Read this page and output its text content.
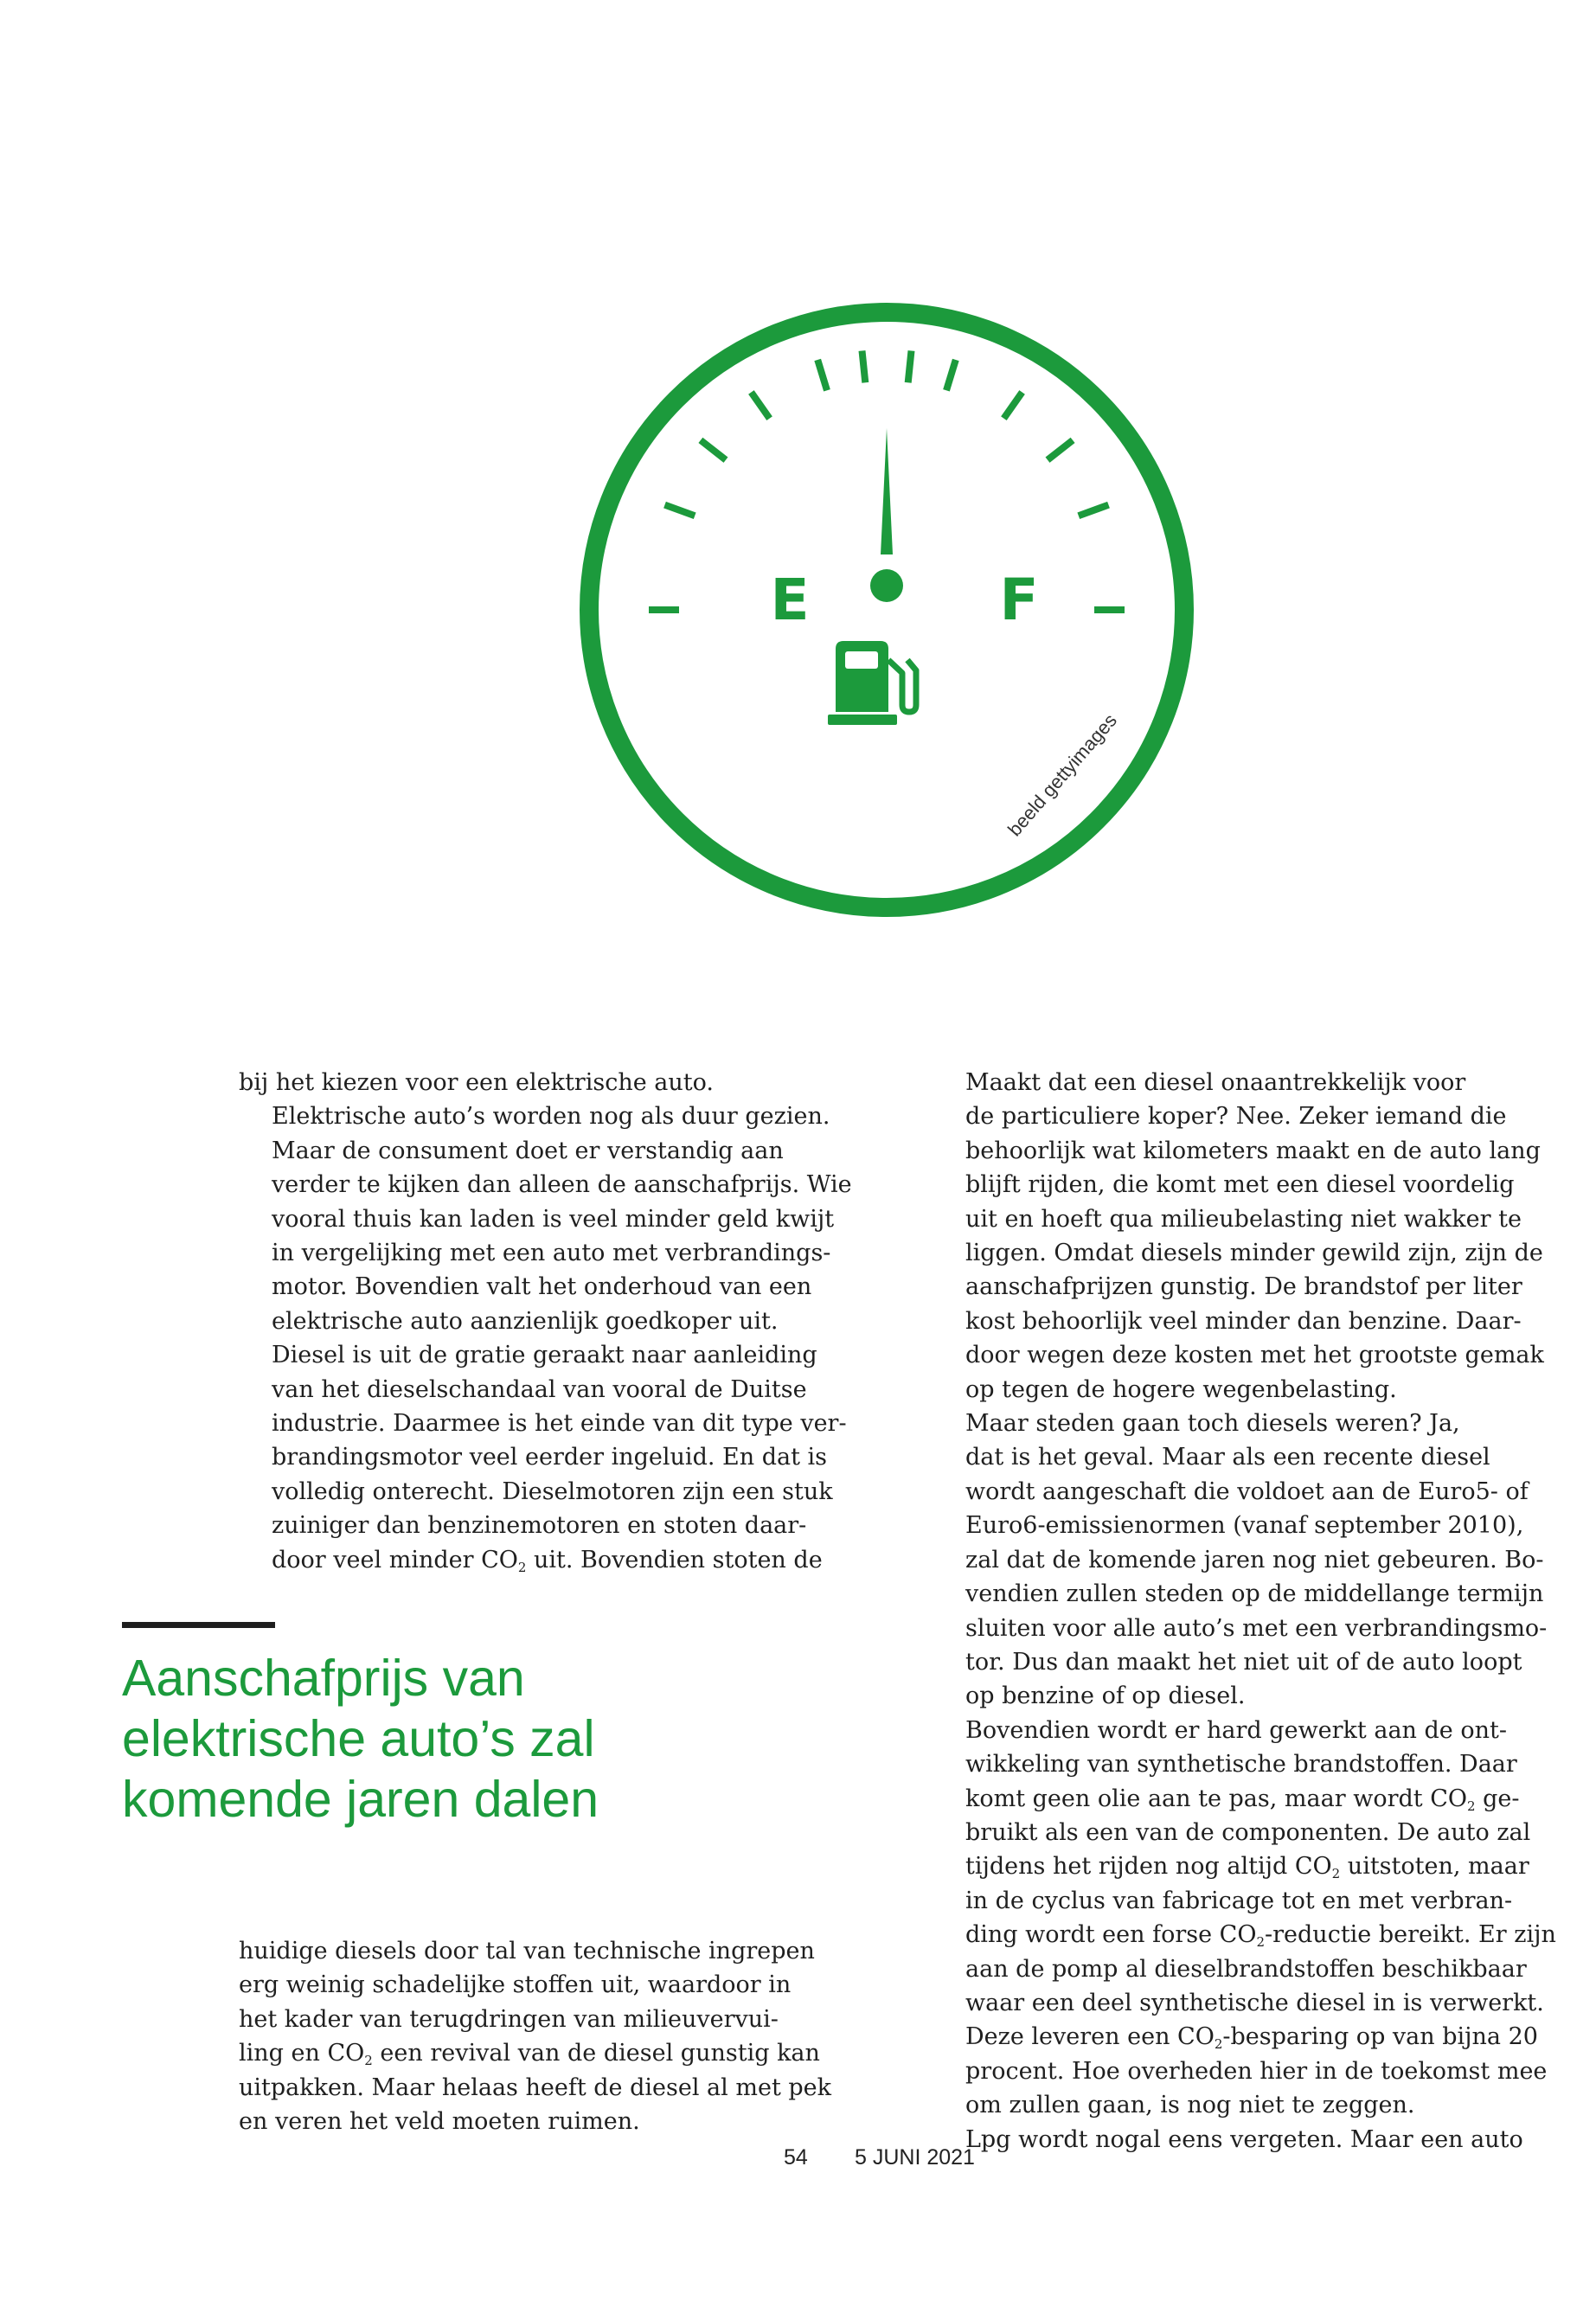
E	F
beeld gettyimages

bij het kiezen voor een elektrische auto.

Elektrische auto’s worden nog als duur gezien.
Maar de consument doet er verstandig aan
verder te kijken dan alleen de aanschafprijs. Wie
vooral thuis kan laden is veel minder geld kwijt
in vergelijking met een auto met verbrandings-
motor. Bovendien valt het onderhoud van een
elektrische auto aanzienlijk goedkoper uit.

Diesel is uit de gratie geraakt naar aanleiding
van het dieselschandaal van vooral de Duitse
industrie. Daarmee is het einde van dit type ver-
brandingsmotor veel eerder ingeluid. En dat is
volledig onterecht. Dieselmotoren zijn een stuk
zuiniger dan benzinemotoren en stoten daar-
door veel minder $CO_2$ uit. Bovendien stoten de

Aanschafprijs van
elektrische auto’s zal
komende jaren dalen

huidige diesels door tal van technische ingrepen
erg weinig schadelijke stoffen uit, waardoor in
het kader van terugdringen van milieuvervui-
ling en $CO_2$ een revival van de diesel gunstig kan
uitpakken. Maar helaas heeft de diesel al met pek
en veren het veld moeten ruimen.

Maakt dat een diesel onaantrekkelijk voor
de particuliere koper? Nee. Zeker iemand die
behoorlijk wat kilometers maakt en de auto lang
blijft rijden, die komt met een diesel voordelig
uit en hoeft qua milieubelasting niet wakker te
liggen. Omdat diesels minder gewild zijn, zijn de
aanschafprijzen gunstig. De brandstof per liter
kost behoorlijk veel minder dan benzine. Daar-
door wegen deze kosten met het grootste gemak
op tegen de hogere wegenbelasting.

Maar steden gaan toch diesels weren? Ja,
dat is het geval. Maar als een recente diesel
wordt aangeschaft die voldoet aan de Euro5- of
Euro6-emissienormen (vanaf september 2010),
zal dat de komende jaren nog niet gebeuren. Bo-
vendien zullen steden op de middellange termijn
sluiten voor alle auto’s met een verbrandingsmo-
tor. Dus dan maakt het niet uit of de auto loopt
op benzine of op diesel.

Bovendien wordt er hard gewerkt aan de ont-
wikkeling van synthetische brandstoffen. Daar
komt geen olie aan te pas, maar wordt $CO_2$ ge-
bruikt als een van de componenten. De auto zal
tijdens het rijden nog altijd $CO_2$ uitstoten, maar
in de cyclus van fabricage tot en met verbran-
ding wordt een forse $CO_2$-reductie bereikt. Er zijn
aan de pomp al dieselbrandstoffen beschikbaar
waar een deel synthetische diesel in is verwerkt.
Deze leveren een $CO_2$-besparing op van bijna 20
procent. Hoe overheden hier in de toekomst mee
om zullen gaan, is nog niet te zeggen.

Lpg wordt nogal eens vergeten. Maar een auto

54 5 JUNI 2021
